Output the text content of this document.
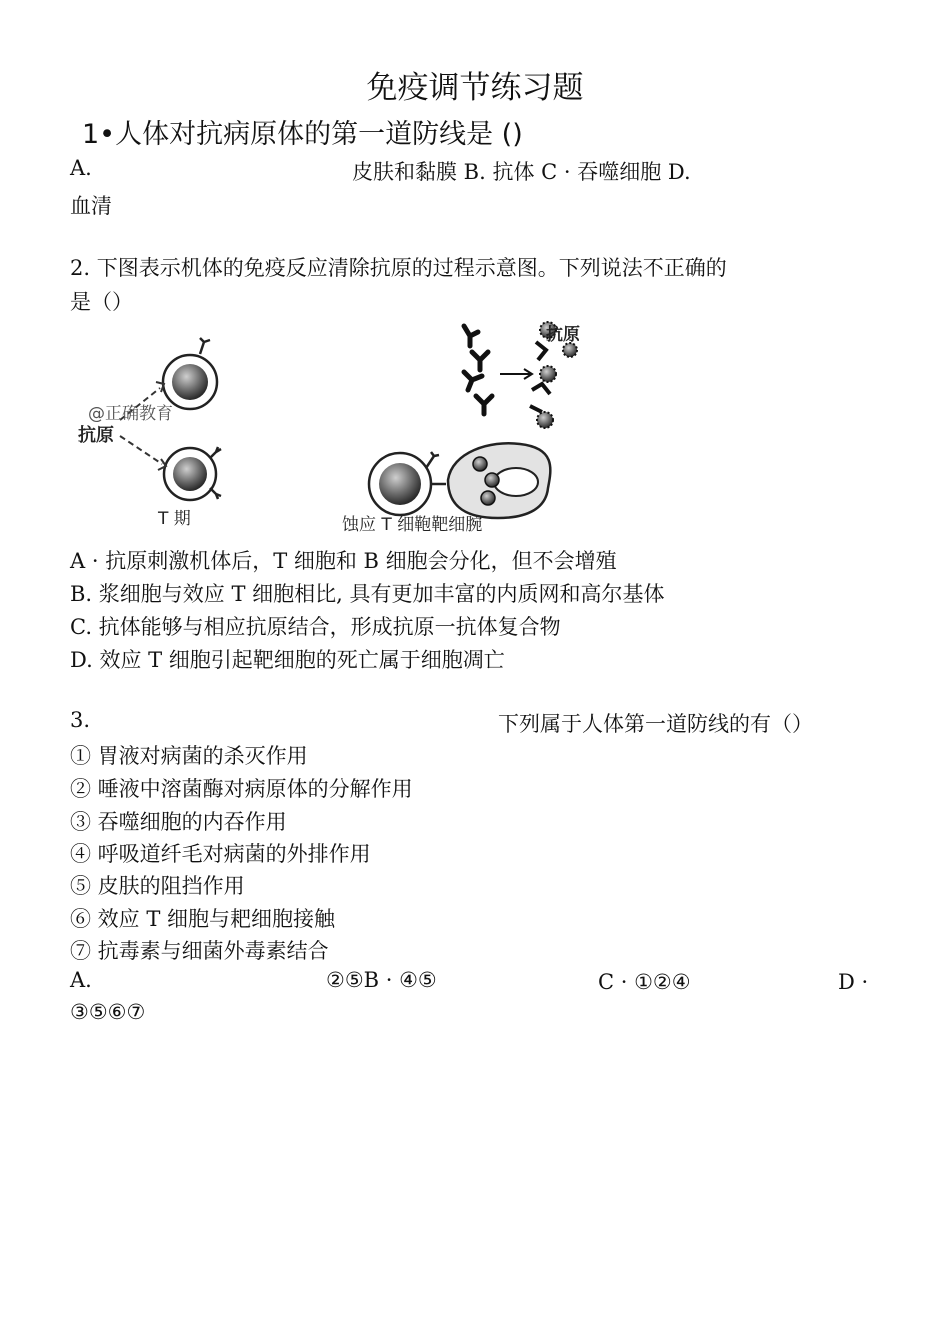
免疫调节练习题
1•人体对抗病原体的第一道防线是 ()
A.	皮肤和黏膜 B. 抗体 C · 吞噬细胞 D.
血清
2. 下图表示机体的免疫反应清除抗原的过程示意图。下列说法不正确的
是（）
@正确教育
抗原
T 期
抗原
蚀应 T 细鞄靶细腕
A · 抗原刺激机体后，T 细胞和 B 细胞会分化，但不会增殖
B. 浆细胞与效应 T 细胞相比, 具有更加丰富的内质网和高尔基体
C. 抗体能够与相应抗原结合，形成抗原一抗体复合物
D. 效应 T 细胞引起靶细胞的死亡属于细胞凋亡
3.	下列属于人体第一道防线的有（）
① 胃液对病菌的杀灭作用
② 唾液中溶菌酶对病原体的分解作用
③ 吞噬细胞的内吞作用
④ 呼吸道纤毛对病菌的外排作用
⑤ 皮肤的阻挡作用
⑥ 效应 T 细胞与耙细胞接触
⑦ 抗毒素与细菌外毒素结合
A.	②⑤B · ④⑤	C · ①②④	D ·
③⑤⑥⑦
